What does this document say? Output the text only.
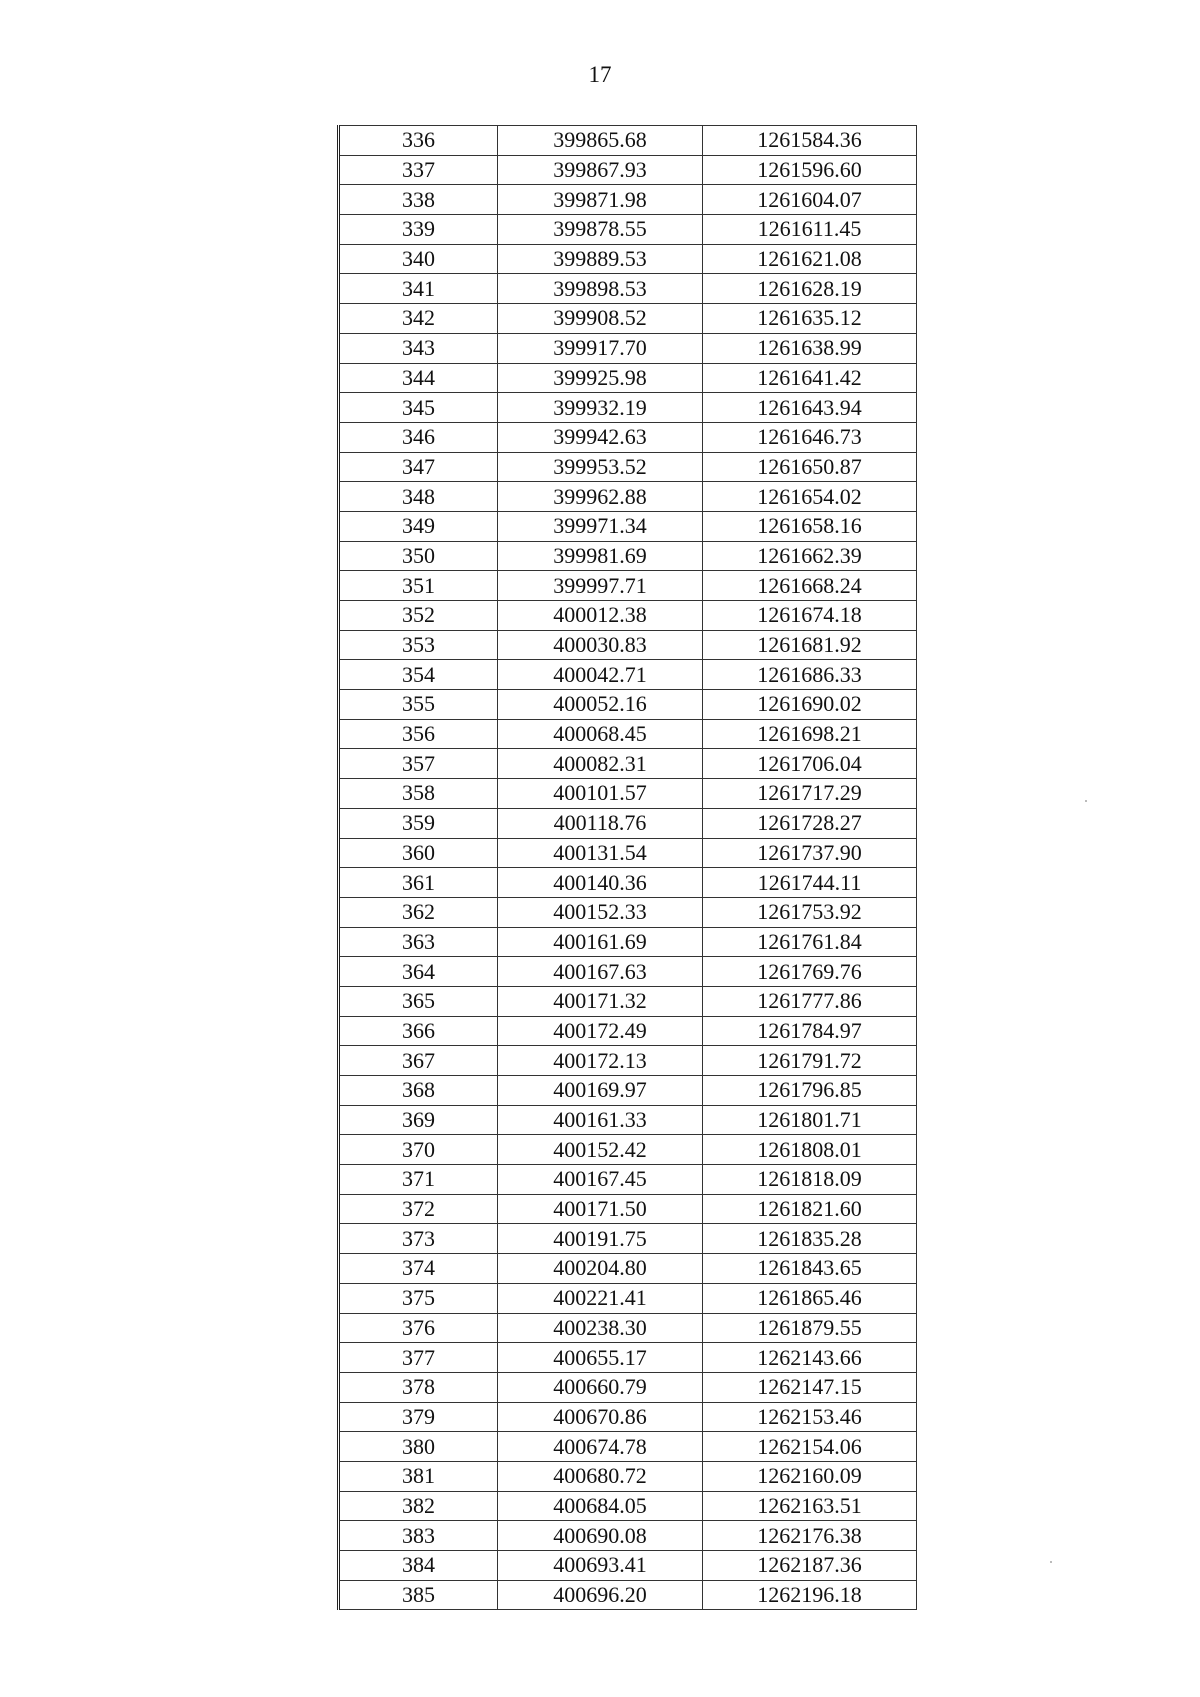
17
336	399865.68	1261584.36
337	399867.93	1261596.60
338	399871.98	1261604.07
339	399878.55	1261611.45
340	399889.53	1261621.08
341	399898.53	1261628.19
342	399908.52	1261635.12
343	399917.70	1261638.99
344	399925.98	1261641.42
345	399932.19	1261643.94
346	399942.63	1261646.73
347	399953.52	1261650.87
348	399962.88	1261654.02
349	399971.34	1261658.16
350	399981.69	1261662.39
351	399997.71	1261668.24
352	400012.38	1261674.18
353	400030.83	1261681.92
354	400042.71	1261686.33
355	400052.16	1261690.02
356	400068.45	1261698.21
357	400082.31	1261706.04
358	400101.57	1261717.29
359	400118.76	1261728.27
360	400131.54	1261737.90
361	400140.36	1261744.11
362	400152.33	1261753.92
363	400161.69	1261761.84
364	400167.63	1261769.76
365	400171.32	1261777.86
366	400172.49	1261784.97
367	400172.13	1261791.72
368	400169.97	1261796.85
369	400161.33	1261801.71
370	400152.42	1261808.01
371	400167.45	1261818.09
372	400171.50	1261821.60
373	400191.75	1261835.28
374	400204.80	1261843.65
375	400221.41	1261865.46
376	400238.30	1261879.55
377	400655.17	1262143.66
378	400660.79	1262147.15
379	400670.86	1262153.46
380	400674.78	1262154.06
381	400680.72	1262160.09
382	400684.05	1262163.51
383	400690.08	1262176.38
384	400693.41	1262187.36
385	400696.20	1262196.18
